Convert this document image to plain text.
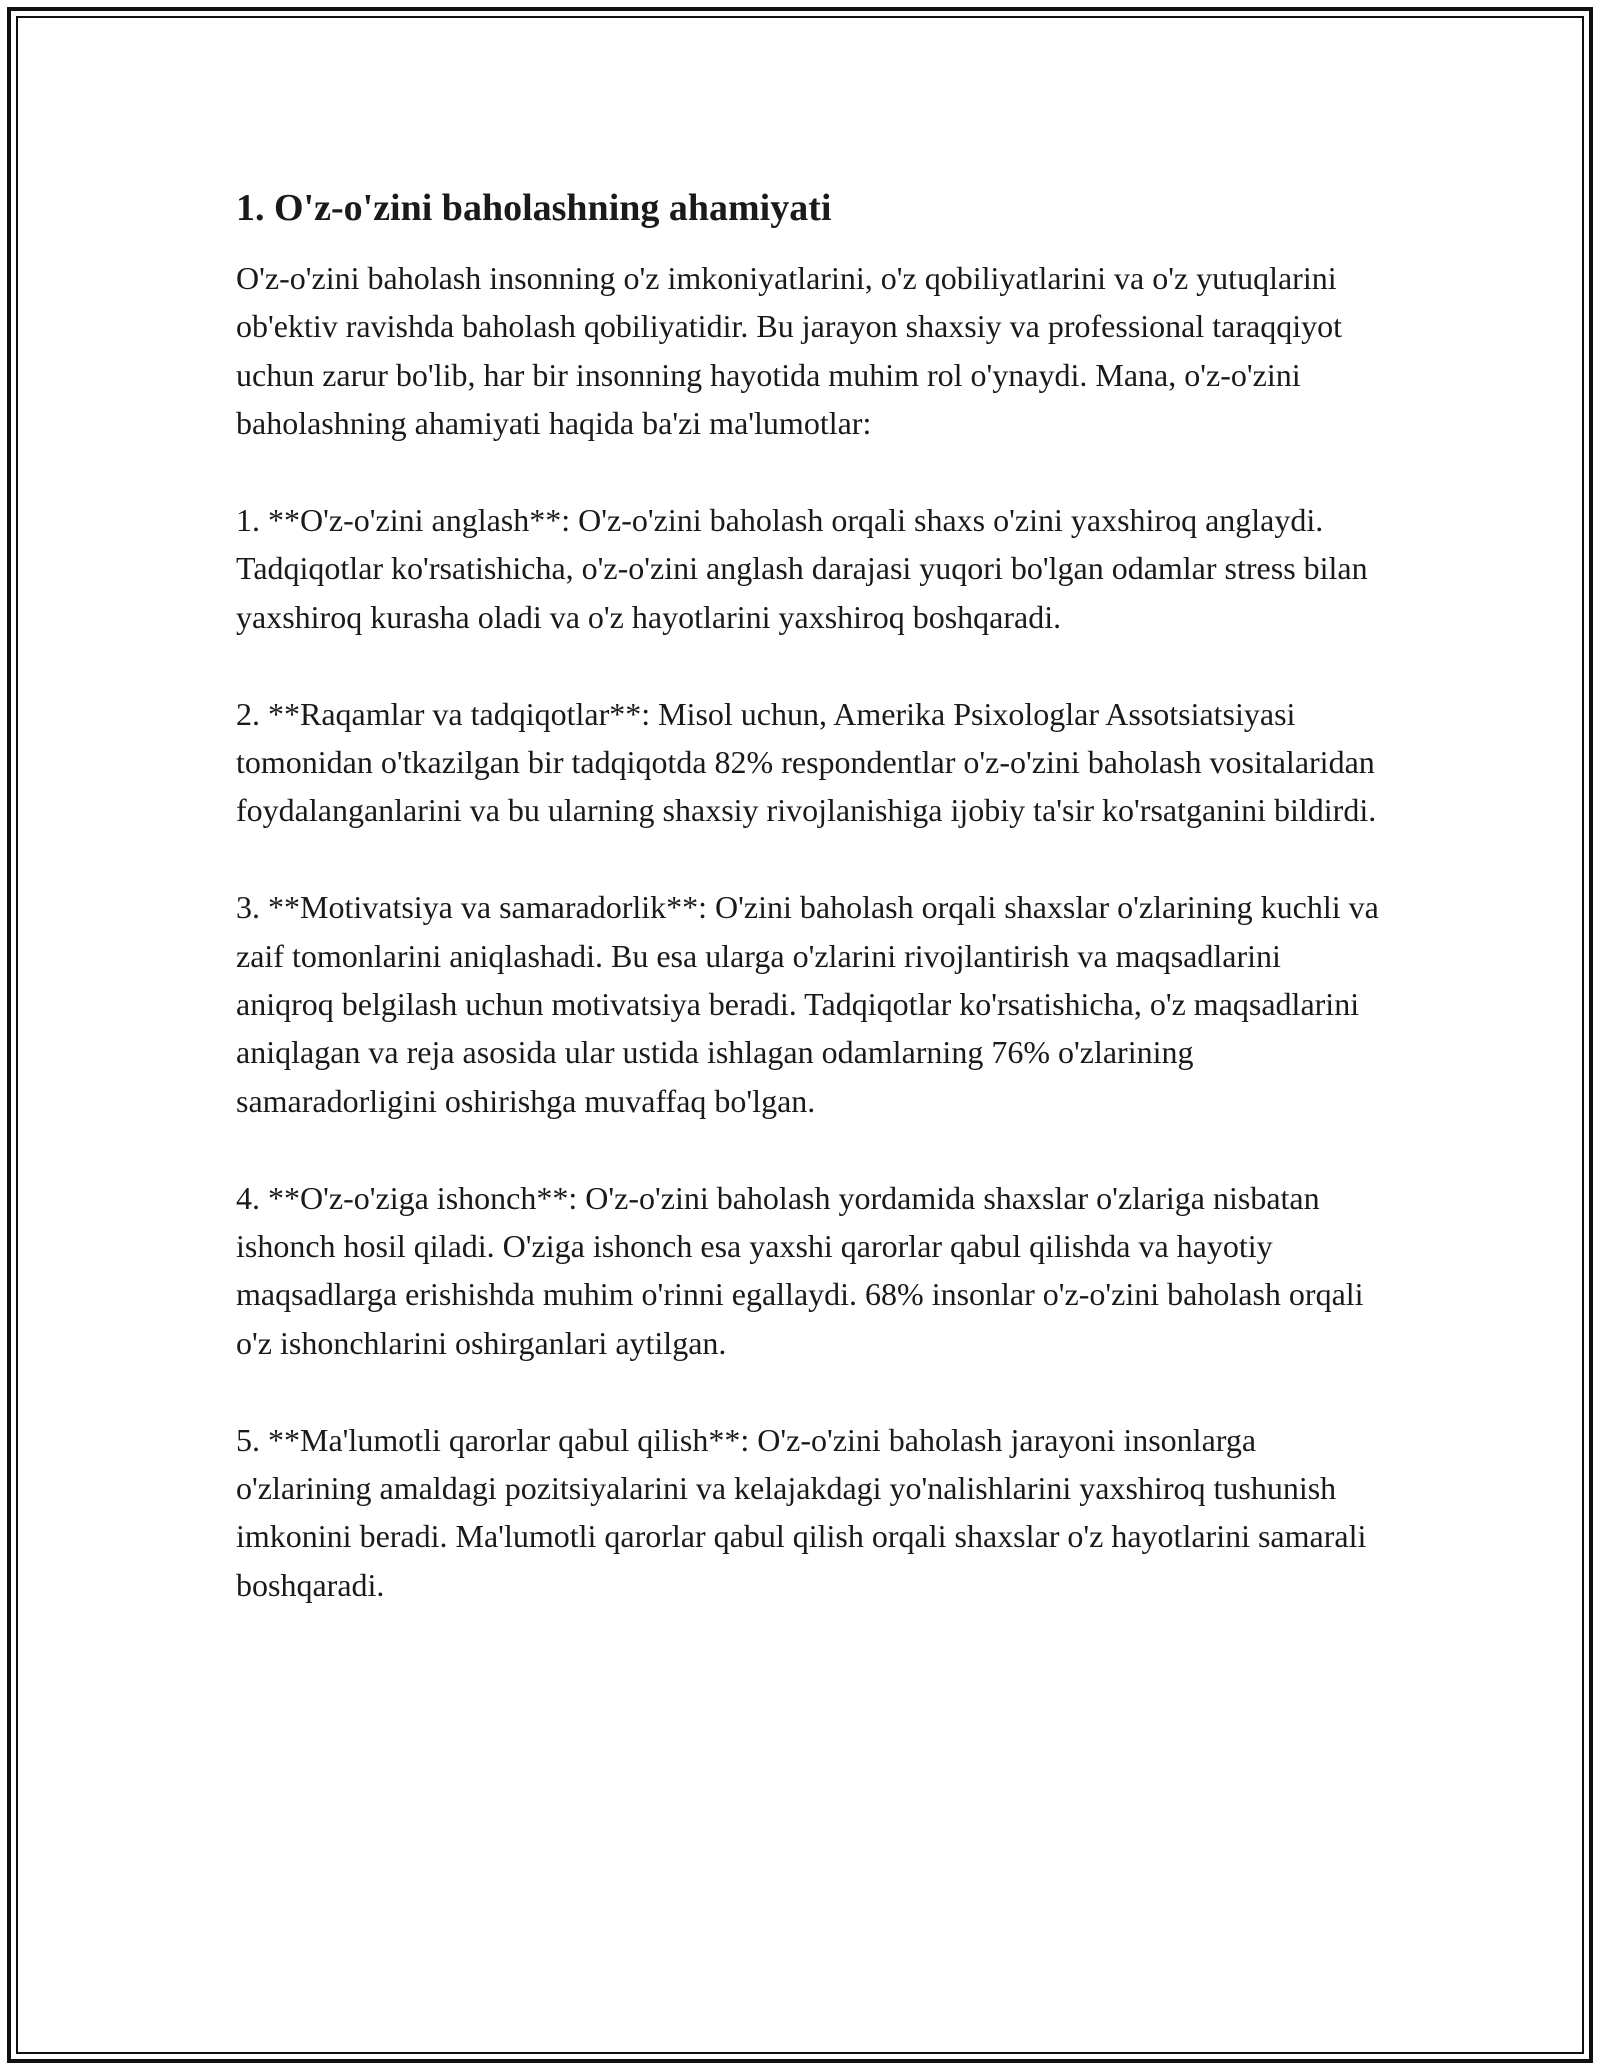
1. O'z-o'zini baholashning ahamiyati

O'z-o'zini baholash insonning o'z imkoniyatlarini, o'z qobiliyatlarini va o'z yutuqlarini ob'ektiv ravishda baholash qobiliyatidir. Bu jarayon shaxsiy va professional taraqqiyot uchun zarur bo'lib, har bir insonning hayotida muhim rol o'ynaydi. Mana, o'z-o'zini baholashning ahamiyati haqida ba'zi ma'lumotlar:

1. **O'z-o'zini anglash**: O'z-o'zini baholash orqali shaxs o'zini yaxshiroq anglaydi. Tadqiqotlar ko'rsatishicha, o'z-o'zini anglash darajasi yuqori bo'lgan odamlar stress bilan yaxshiroq kurasha oladi va o'z hayotlarini yaxshiroq boshqaradi.

2. **Raqamlar va tadqiqotlar**: Misol uchun, Amerika Psixologlar Assotsiatsiyasi tomonidan o'tkazilgan bir tadqiqotda 82% respondentlar o'z-o'zini baholash vositalaridan foydalanganlarini va bu ularning shaxsiy rivojlanishiga ijobiy ta'sir ko'rsatganini bildirdi.

3. **Motivatsiya va samaradorlik**: O'zini baholash orqali shaxslar o'zlarining kuchli va zaif tomonlarini aniqlashadi. Bu esa ularga o'zlarini rivojlantirish va maqsadlarini aniqroq belgilash uchun motivatsiya beradi. Tadqiqotlar ko'rsatishicha, o'z maqsadlarini aniqlagan va reja asosida ular ustida ishlagan odamlarning 76% o'zlarining samaradorligini oshirishga muvaffaq bo'lgan.

4. **O'z-o'ziga ishonch**: O'z-o'zini baholash yordamida shaxslar o'zlariga nisbatan ishonch hosil qiladi. O'ziga ishonch esa yaxshi qarorlar qabul qilishda va hayotiy maqsadlarga erishishda muhim o'rinni egallaydi. 68% insonlar o'z-o'zini baholash orqali o'z ishonchlarini oshirganlari aytilgan.

5. **Ma'lumotli qarorlar qabul qilish**: O'z-o'zini baholash jarayoni insonlarga o'zlarining amaldagi pozitsiyalarini va kelajakdagi yo'nalishlarini yaxshiroq tushunish imkonini beradi. Ma'lumotli qarorlar qabul qilish orqali shaxslar o'z hayotlarini samarali boshqaradi.
